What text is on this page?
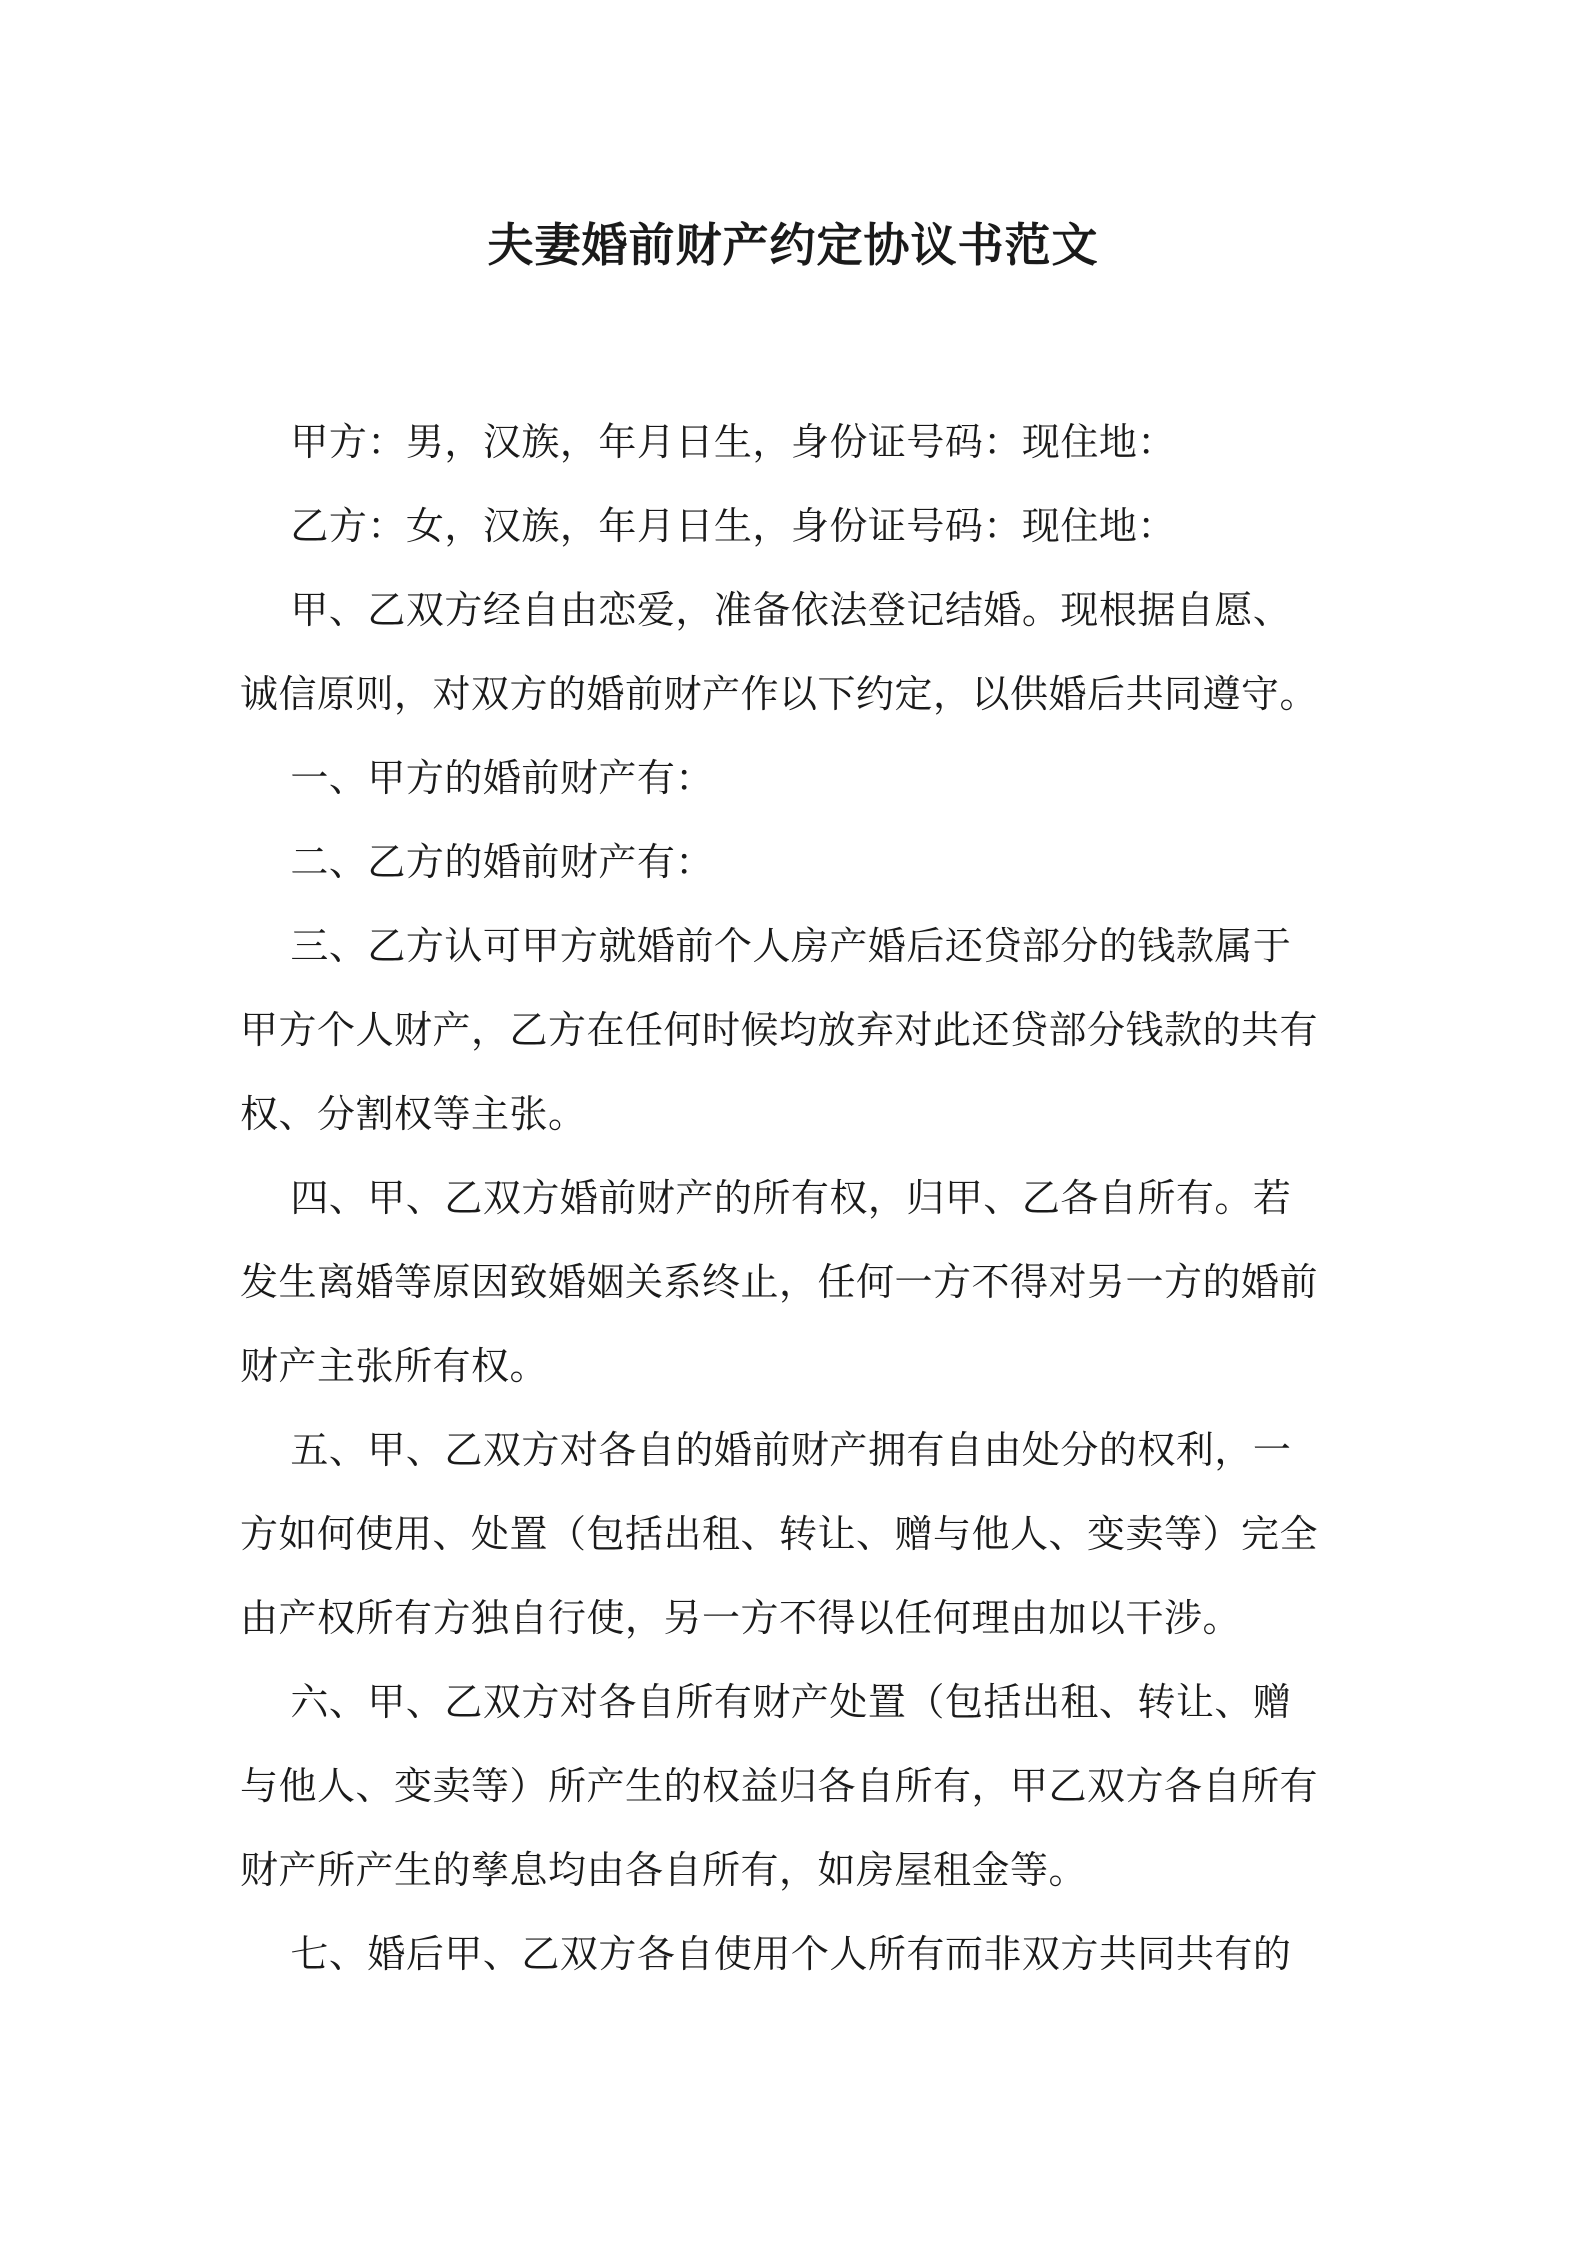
夫妻婚前财产约定协议书范文

甲方：男，汉族，年月日生，身份证号码：现住地：

乙方：女，汉族，年月日生，身份证号码：现住地：

甲、乙双方经自由恋爱，准备依法登记结婚。现根据自愿、
诚信原则，对双方的婚前财产作以下约定，以供婚后共同遵守。

一、甲方的婚前财产有：

二、乙方的婚前财产有：

三、乙方认可甲方就婚前个人房产婚后还贷部分的钱款属于
甲方个人财产，乙方在任何时候均放弃对此还贷部分钱款的共有
权、分割权等主张。

四、甲、乙双方婚前财产的所有权，归甲、乙各自所有。若
发生离婚等原因致婚姻关系终止，任何一方不得对另一方的婚前
财产主张所有权。

五、甲、乙双方对各自的婚前财产拥有自由处分的权利，一
方如何使用、处置（包括出租、转让、赠与他人、变卖等）完全
由产权所有方独自行使，另一方不得以任何理由加以干涉。

六、甲、乙双方对各自所有财产处置（包括出租、转让、赠
与他人、变卖等）所产生的权益归各自所有，甲乙双方各自所有
财产所产生的孳息均由各自所有，如房屋租金等。

七、婚后甲、乙双方各自使用个人所有而非双方共同共有的
